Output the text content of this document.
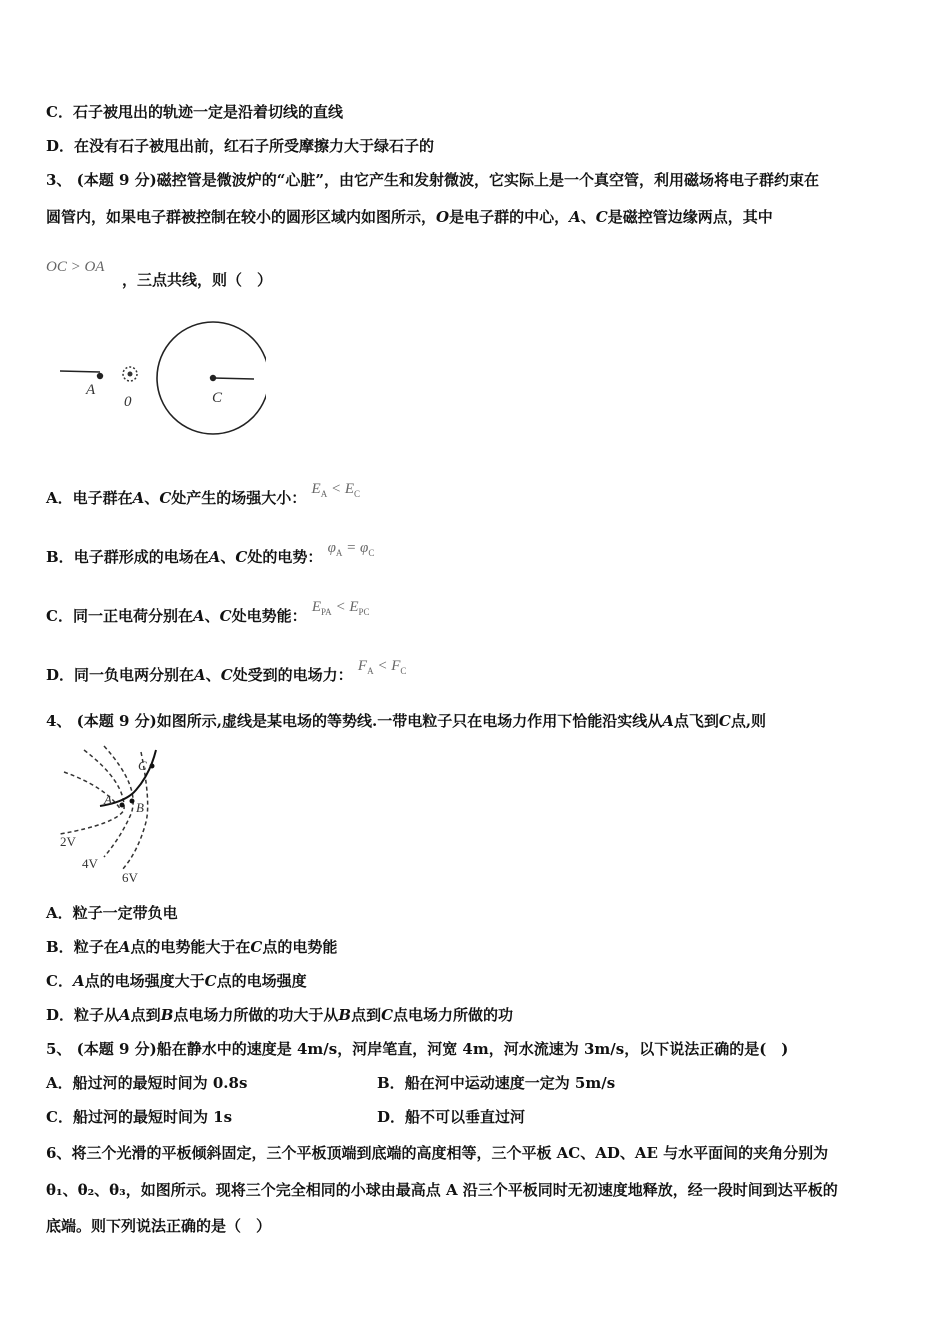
C．石子被甩出的轨迹一定是沿着切线的直线
D．在没有石子被甩出前，红石子所受摩擦力大于绿石子的
3、 (本题 9 分)磁控管是微波炉的“心脏”，由它产生和发射微波，它实际上是一个真空管，利用磁场将电子群约束在
圆管内，如果电子群被控制在较小的圆形区域内如图所示，O是电子群的中心，A、C是磁控管边缘两点，其中
OC > OA
，三点共线，则（　）
A
0	C
A．电子群在A、C处产生的场强大小： $E_A < E_C$
B．电子群形成的电场在A、C处的电势： $\varphi_A = \varphi_C$
C．同一正电荷分别在A、C处电势能： $E_{PA} < E_{PC}$
D．同一负电两分别在A、C处受到的电场力： $F_A < F_C$
4、 (本题 9 分)如图所示,虚线是某电场的等势线.一带电粒子只在电场力作用下恰能沿实线从A点飞到C点,则
C
A
B
2V
4V
6V
A．粒子一定带负电
B．粒子在A点的电势能大于在C点的电势能
C．A点的电场强度大于C点的电场强度
D．粒子从A点到B点电场力所做的功大于从B点到C点电场力所做的功
5、 (本题 9 分)船在静水中的速度是 4m/s，河岸笔直，河宽 4m，河水流速为 3m/s，以下说法正确的是(　)
A．船过河的最短时间为 0.8s	B．船在河中运动速度一定为 5m/s
C．船过河的最短时间为 1s	D．船不可以垂直过河
6、将三个光滑的平板倾斜固定，三个平板顶端到底端的高度相等，三个平板 AC、AD、AE 与水平面间的夹角分别为
θ₁、θ₂、θ₃，如图所示。现将三个完全相同的小球由最高点 A 沿三个平板同时无初速度地释放，经一段时间到达平板的
底端。则下列说法正确的是（　）
